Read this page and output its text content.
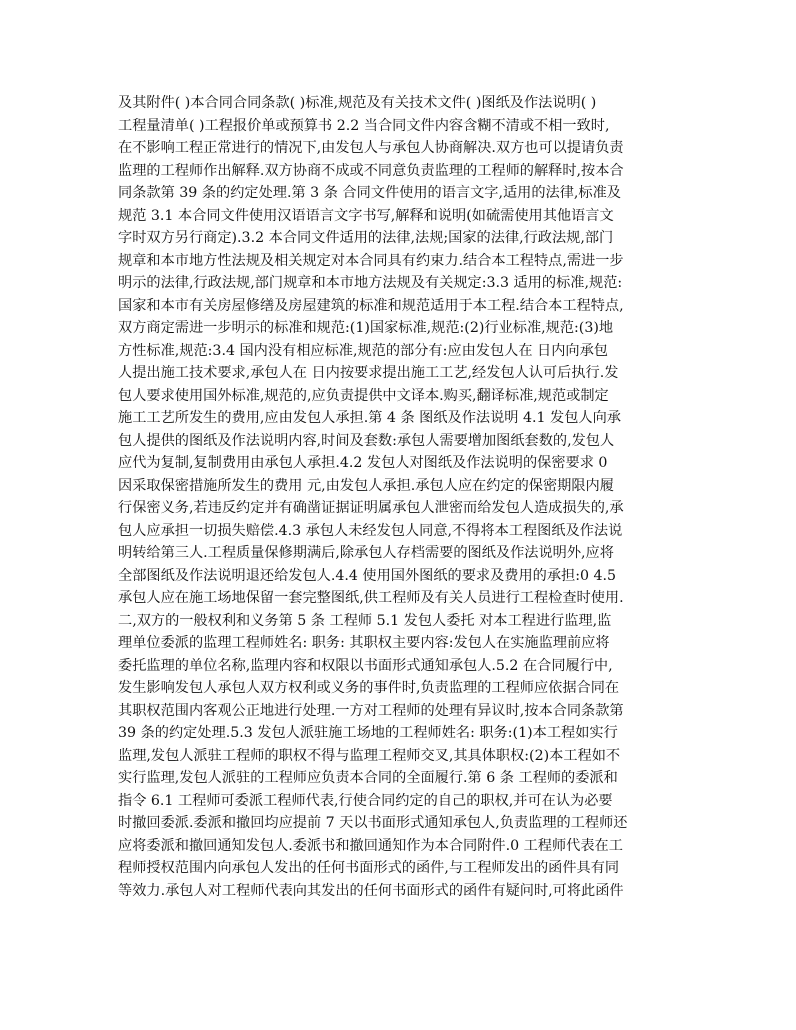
及其附件( )本合同合同条款( )标准,规范及有关技术文件( )图纸及作法说明( )
工程量清单( )工程报价单或预算书 2.2 当合同文件内容含糊不清或不相一致时,
在不影响工程正常进行的情况下,由发包人与承包人协商解决.双方也可以提请负责
监理的工程师作出解释.双方协商不成或不同意负责监理的工程师的解释时,按本合
同条款第 39 条的约定处理.第 3 条 合同文件使用的语言文字,适用的法律,标准及
规范 3.1 本合同文件使用汉语语言文字书写,解释和说明(如硫需使用其他语言文
字时双方另行商定).3.2 本合同文件适用的法律,法规;国家的法律,行政法规,部门
规章和本市地方性法规及相关规定对本合同具有约束力.结合本工程特点,需进一步
明示的法律,行政法规,部门规章和本市地方法规及有关规定:3.3 适用的标准,规范:
国家和本市有关房屋修缮及房屋建筑的标准和规范适用于本工程.结合本工程特点,
双方商定需进一步明示的标准和规范:(1)国家标准,规范:(2)行业标准,规范:(3)地
方性标准,规范:3.4 国内没有相应标准,规范的部分有:应由发包人在 日内向承包
人提出施工技术要求,承包人在 日内按要求提出施工工艺,经发包人认可后执行.发
包人要求使用国外标准,规范的,应负责提供中文译本.购买,翻译标准,规范或制定
施工工艺所发生的费用,应由发包人承担.第 4 条 图纸及作法说明 4.1 发包人向承
包人提供的图纸及作法说明内容,时间及套数:承包人需要增加图纸套数的,发包人
应代为复制,复制费用由承包人承担.4.2 发包人对图纸及作法说明的保密要求 0
因采取保密措施所发生的费用 元,由发包人承担.承包人应在约定的保密期限内履
行保密义务,若违反约定并有确凿证据证明属承包人泄密而给发包人造成损失的,承
包人应承担一切损失赔偿.4.3 承包人未经发包人同意,不得将本工程图纸及作法说
明转给第三人.工程质量保修期满后,除承包人存档需要的图纸及作法说明外,应将
全部图纸及作法说明退还给发包人.4.4 使用国外图纸的要求及费用的承担:0 4.5
承包人应在施工场地保留一套完整图纸,供工程师及有关人员进行工程检查时使用.
二,双方的一般权利和义务第 5 条 工程师 5.1 发包人委托 对本工程进行监理,监
理单位委派的监理工程师姓名: 职务: 其职权主要内容:发包人在实施监理前应将
委托监理的单位名称,监理内容和权限以书面形式通知承包人.5.2 在合同履行中,
发生影响发包人承包人双方权利或义务的事件时,负责监理的工程师应依据合同在
其职权范围内客观公正地进行处理.一方对工程师的处理有异议时,按本合同条款第
39 条的约定处理.5.3 发包人派驻施工场地的工程师姓名: 职务:(1)本工程如实行
监理,发包人派驻工程师的职权不得与监理工程师交叉,其具体职权:(2)本工程如不
实行监理,发包人派驻的工程师应负责本合同的全面履行.第 6 条 工程师的委派和
指令 6.1 工程师可委派工程师代表,行使合同约定的自己的职权,并可在认为必要
时撤回委派.委派和撤回均应提前 7 天以书面形式通知承包人,负责监理的工程师还
应将委派和撤回通知发包人.委派书和撤回通知作为本合同附件.0 工程师代表在工
程师授权范围内向承包人发出的任何书面形式的函件,与工程师发出的函件具有同
等效力.承包人对工程师代表向其发出的任何书面形式的函件有疑问时,可将此函件
